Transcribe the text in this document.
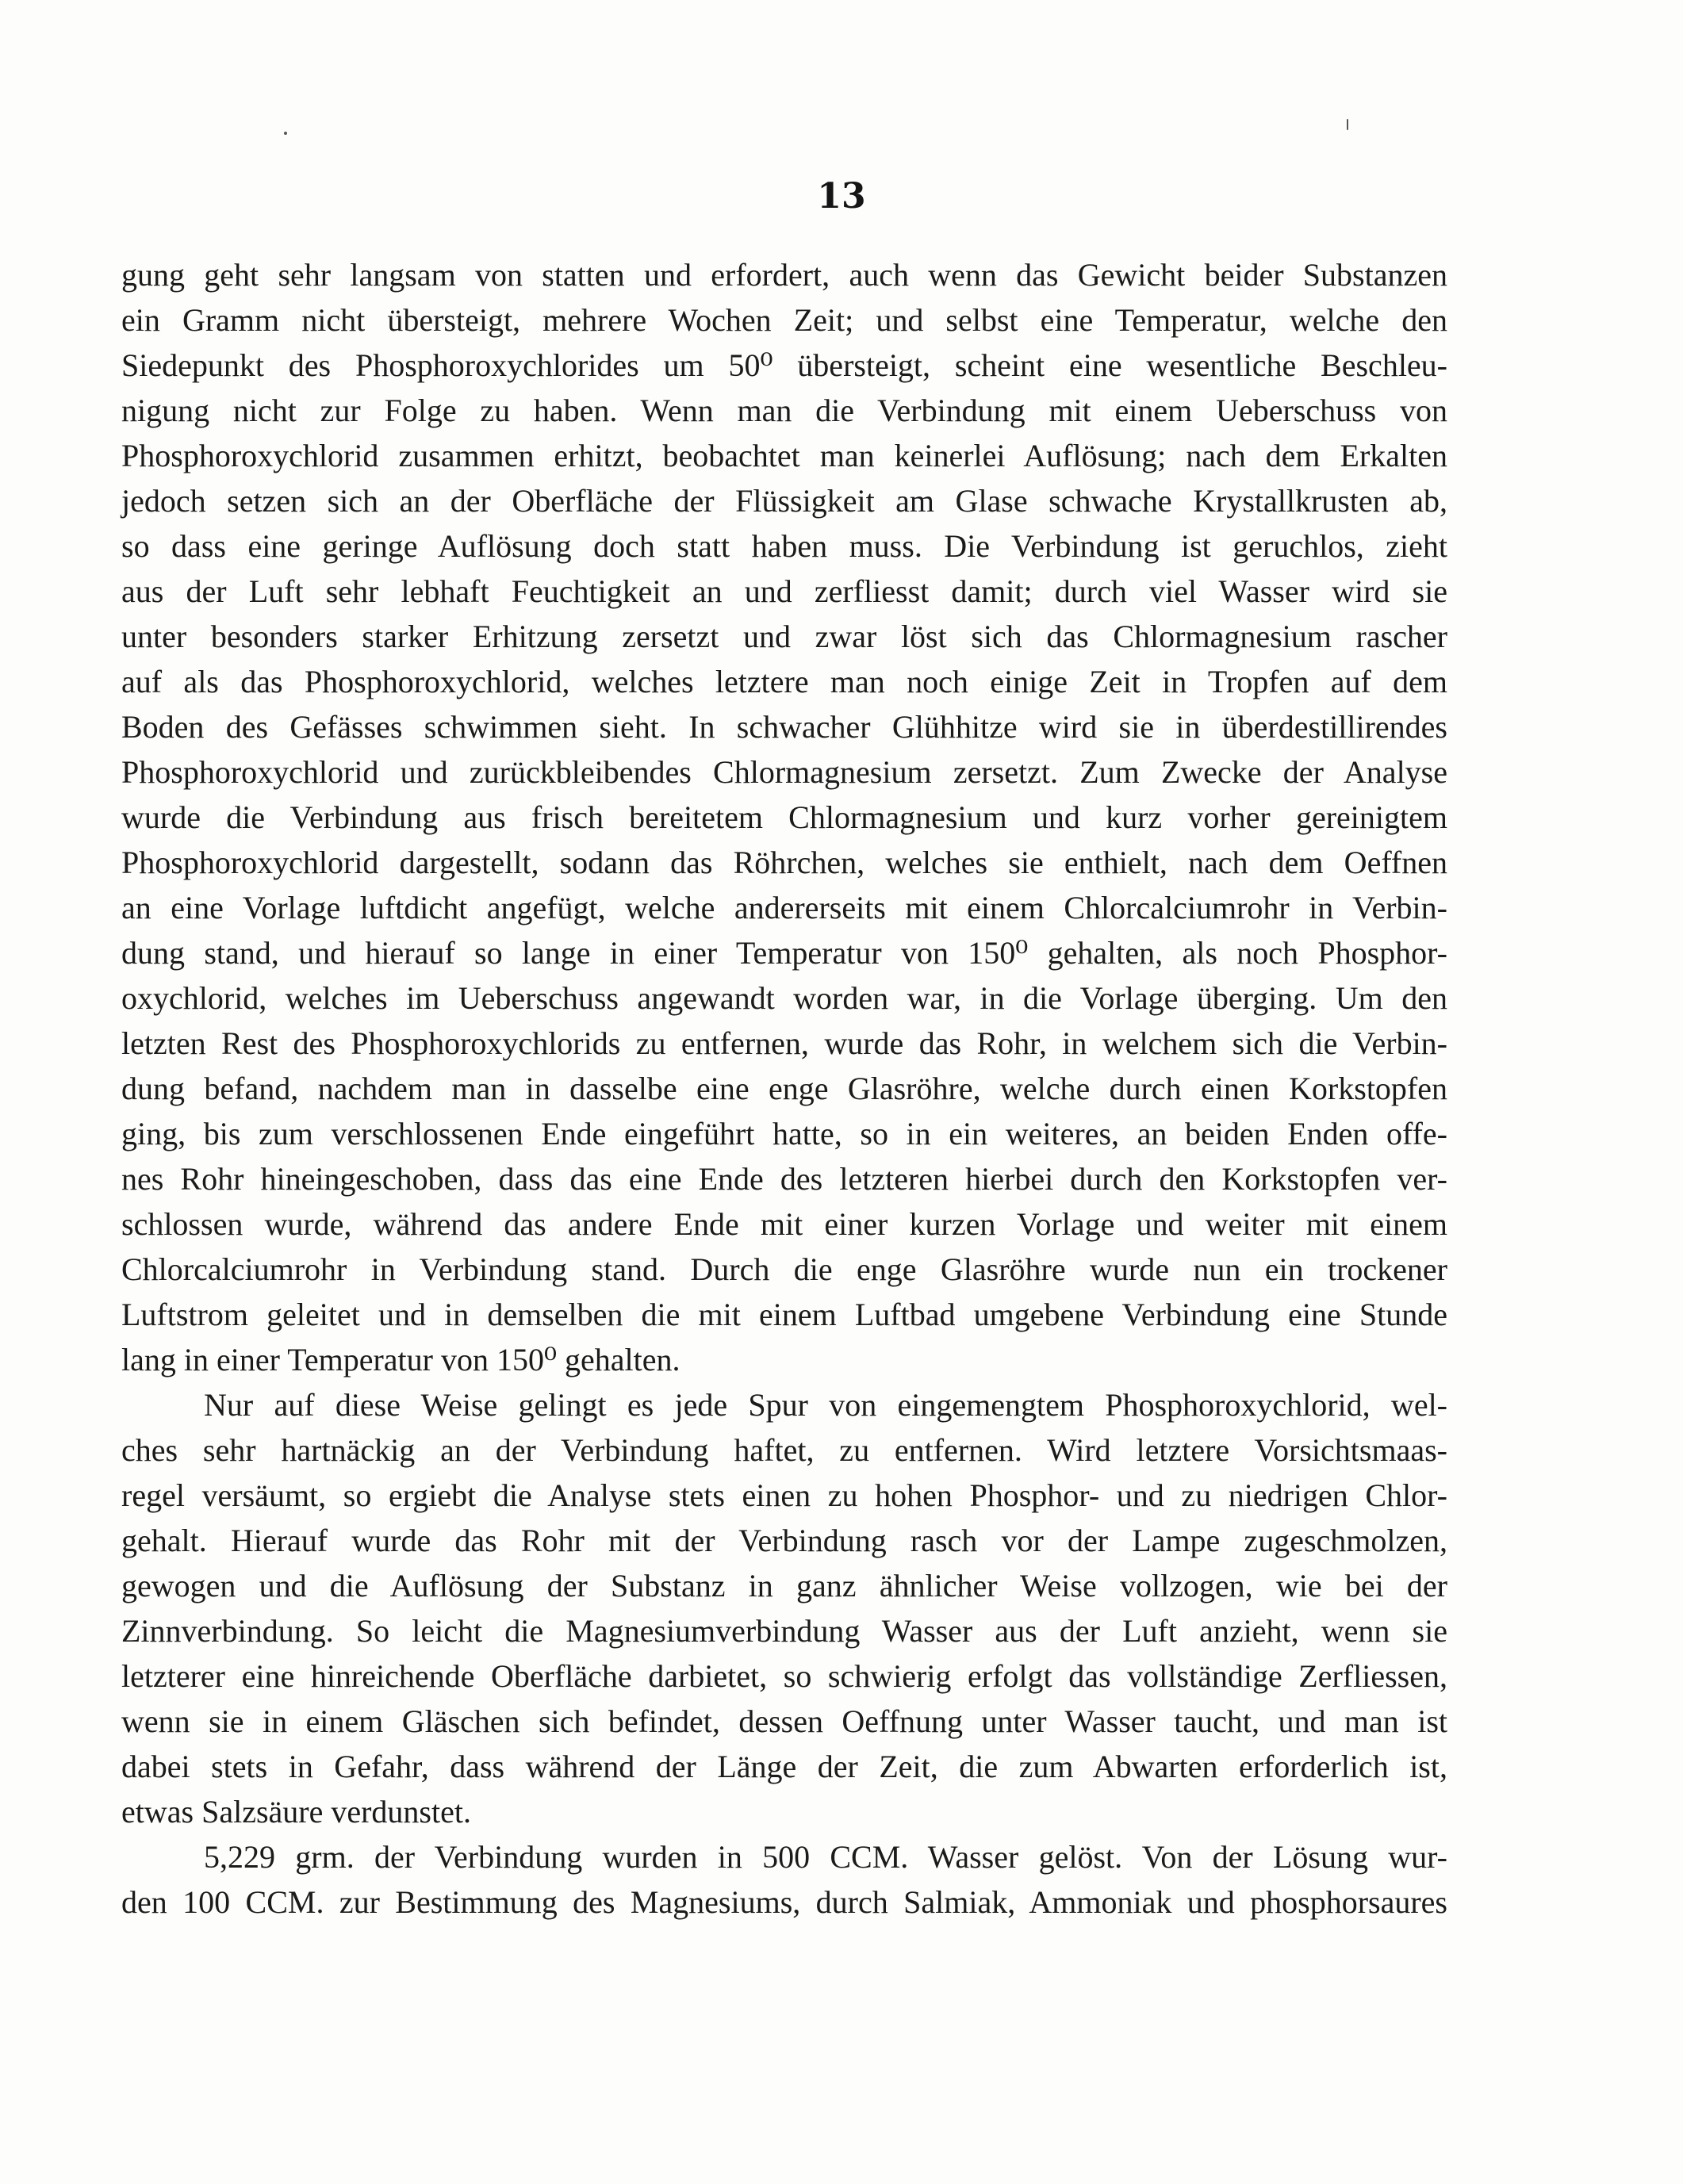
13
gung geht sehr langsam von statten und erfordert, auch wenn das Gewicht beider Substanzen
ein Gramm nicht übersteigt, mehrere Wochen Zeit; und selbst eine Temperatur, welche den
Siedepunkt des Phosphoroxychlorides um 50⁰ übersteigt, scheint eine wesentliche Beschleu-
nigung nicht zur Folge zu haben. Wenn man die Verbindung mit einem Ueberschuss von
Phosphoroxychlorid zusammen erhitzt, beobachtet man keinerlei Auflösung; nach dem Erkalten
jedoch setzen sich an der Oberfläche der Flüssigkeit am Glase schwache Krystallkrusten ab,
so dass eine geringe Auflösung doch statt haben muss. Die Verbindung ist geruchlos, zieht
aus der Luft sehr lebhaft Feuchtigkeit an und zerfliesst damit; durch viel Wasser wird sie
unter besonders starker Erhitzung zersetzt und zwar löst sich das Chlormagnesium rascher
auf als das Phosphoroxychlorid, welches letztere man noch einige Zeit in Tropfen auf dem
Boden des Gefässes schwimmen sieht. In schwacher Glühhitze wird sie in überdestillirendes
Phosphoroxychlorid und zurückbleibendes Chlormagnesium zersetzt. Zum Zwecke der Analyse
wurde die Verbindung aus frisch bereitetem Chlormagnesium und kurz vorher gereinigtem
Phosphoroxychlorid dargestellt, sodann das Röhrchen, welches sie enthielt, nach dem Oeffnen
an eine Vorlage luftdicht angefügt, welche andererseits mit einem Chlorcalciumrohr in Verbin-
dung stand, und hierauf so lange in einer Temperatur von 150⁰ gehalten, als noch Phosphor-
oxychlorid, welches im Ueberschuss angewandt worden war, in die Vorlage überging. Um den
letzten Rest des Phosphoroxychlorids zu entfernen, wurde das Rohr, in welchem sich die Verbin-
dung befand, nachdem man in dasselbe eine enge Glasröhre, welche durch einen Korkstopfen
ging, bis zum verschlossenen Ende eingeführt hatte, so in ein weiteres, an beiden Enden offe-
nes Rohr hineingeschoben, dass das eine Ende des letzteren hierbei durch den Korkstopfen ver-
schlossen wurde, während das andere Ende mit einer kurzen Vorlage und weiter mit einem
Chlorcalciumrohr in Verbindung stand. Durch die enge Glasröhre wurde nun ein trockener
Luftstrom geleitet und in demselben die mit einem Luftbad umgebene Verbindung eine Stunde
lang in einer Temperatur von 150⁰ gehalten.
Nur auf diese Weise gelingt es jede Spur von eingemengtem Phosphoroxychlorid, wel-
ches sehr hartnäckig an der Verbindung haftet, zu entfernen. Wird letztere Vorsichtsmaas-
regel versäumt, so ergiebt die Analyse stets einen zu hohen Phosphor- und zu niedrigen Chlor-
gehalt. Hierauf wurde das Rohr mit der Verbindung rasch vor der Lampe zugeschmolzen,
gewogen und die Auflösung der Substanz in ganz ähnlicher Weise vollzogen, wie bei der
Zinnverbindung. So leicht die Magnesiumverbindung Wasser aus der Luft anzieht, wenn sie
letzterer eine hinreichende Oberfläche darbietet, so schwierig erfolgt das vollständige Zerfliessen,
wenn sie in einem Gläschen sich befindet, dessen Oeffnung unter Wasser taucht, und man ist
dabei stets in Gefahr, dass während der Länge der Zeit, die zum Abwarten erforderlich ist,
etwas Salzsäure verdunstet.
5,229 grm. der Verbindung wurden in 500 CCM. Wasser gelöst. Von der Lösung wur-
den 100 CCM. zur Bestimmung des Magnesiums, durch Salmiak, Ammoniak und phosphorsaures
